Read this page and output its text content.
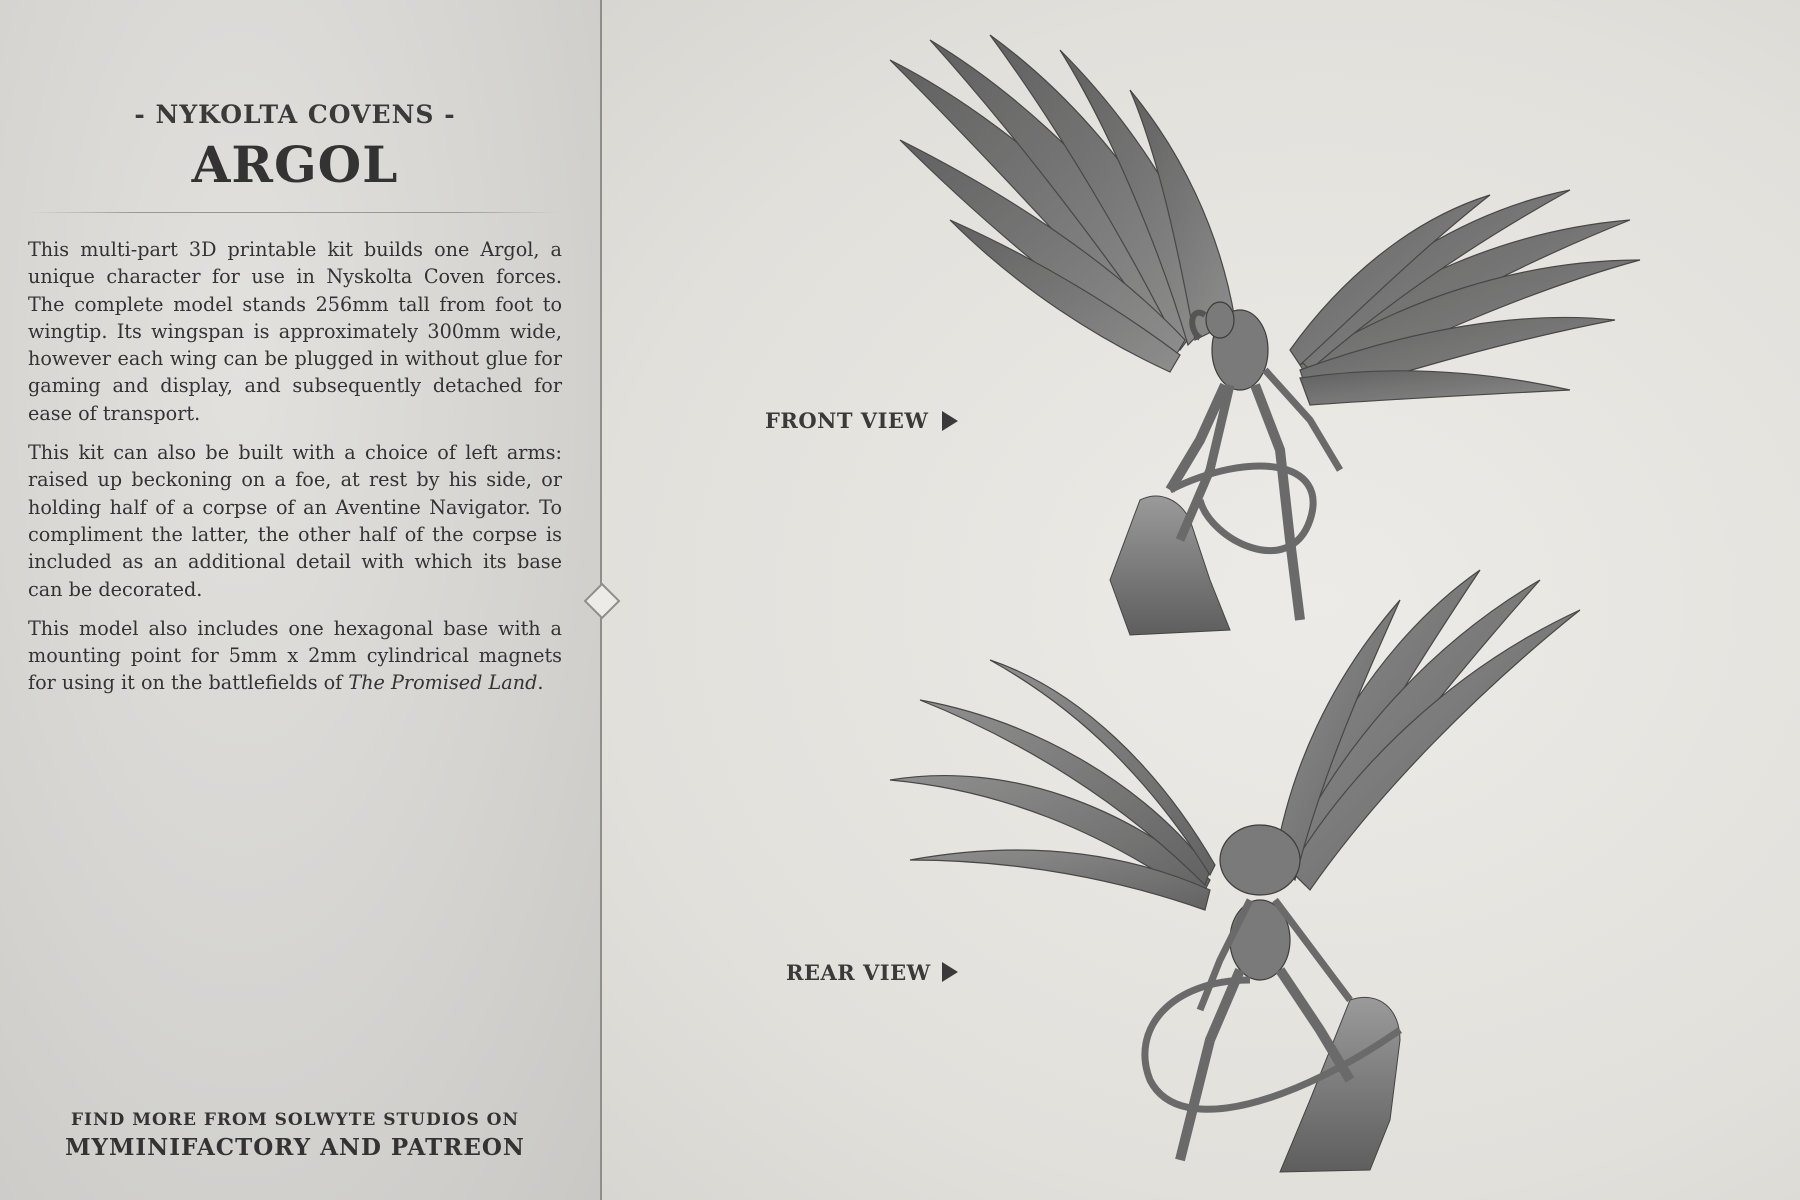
- NYKOLTA COVENS -
ARGOL

This multi-part 3D printable kit builds one Argol, a unique character for use in Nyskolta Coven forces. The complete model stands 256mm tall from foot to wingtip. Its wingspan is approximately 300mm wide, however each wing can be plugged in without glue for gaming and display, and subsequently detached for ease of transport.

This kit can also be built with a choice of left arms: raised up beckoning on a foe, at rest by his side, or holding half of a corpse of an Aventine Navigator. To compliment the latter, the other half of the corpse is included as an additional detail with which its base can be decorated.

This model also includes one hexagonal base with a mounting point for 5mm x 2mm cylindrical magnets for using it on the battlefields of The Promised Land.

FIND MORE FROM SOLWYTE STUDIOS ON
MYMINIFACTORY AND PATREON
FRONT VIEW
REAR VIEW
